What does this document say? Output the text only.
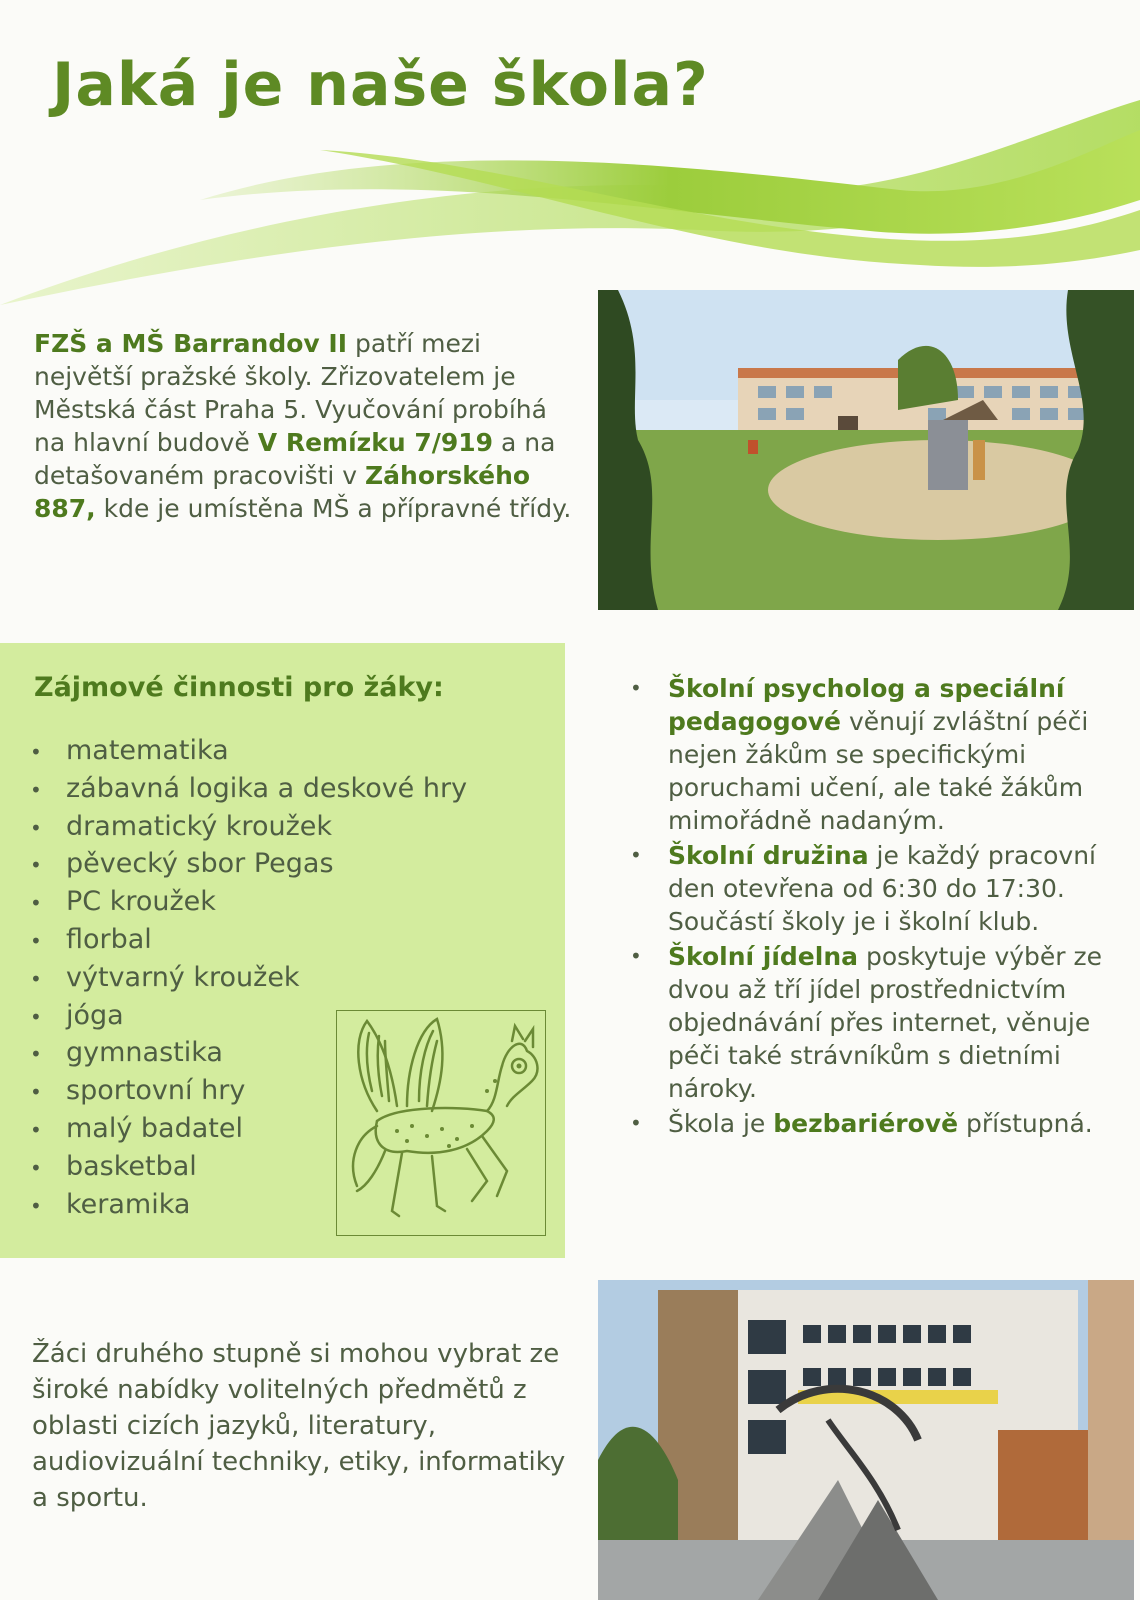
Jaká je naše škola?
FZŠ a MŠ Barrandov II patří mezi největší pražské školy. Zřizovatelem je Městská část Praha 5. Vyučování probíhá na hlavní budově V Remízku 7/919 a na detašovaném pracovišti v Záhorského 887, kde je umístěna MŠ a přípravné třídy.
Zájmové činnosti pro žáky:
• matematika
• zábavná logika a deskové hry
• dramatický kroužek
• pěvecký sbor Pegas
• PC kroužek
• florbal
• výtvarný kroužek
• jóga
• gymnastika
• sportovní hry
• malý badatel
• basketbal
• keramika
• Školní psycholog a speciální pedagogové věnují zvláštní péči nejen žákům se specifickými poruchami učení, ale také žákům mimořádně nadaným.
• Školní družina je každý pracovní den otevřena od 6:30 do 17:30. Součástí školy je i školní klub.
• Školní jídelna poskytuje výběr ze dvou až tří jídel prostřednictvím objednávání přes internet, věnuje péči také strávníkům s dietními nároky.
• Škola je bezbariérově přístupná.
Žáci druhého stupně si mohou vybrat ze široké nabídky volitelných předmětů z oblasti cizích jazyků, literatury, audiovizuální techniky, etiky, informatiky a sportu.
